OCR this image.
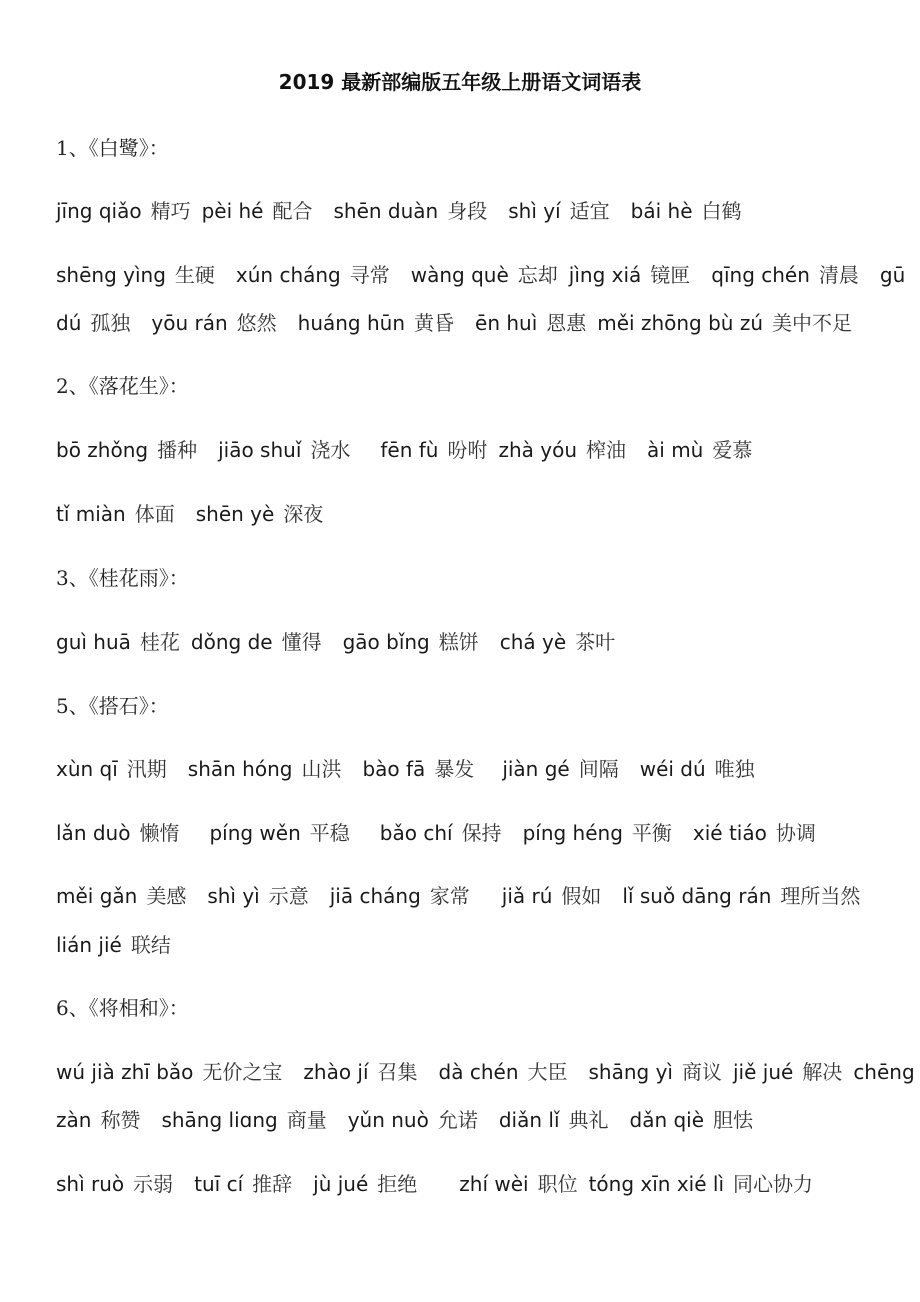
2019 最新部编版五年级上册语文词语表
1、《白鹭》：
jīng qiǎo 精巧 pèi hé 配合 shēn duàn 身段 shì yí 适宜 bái hè 白鹤
shēng yìng 生硬 xún cháng 寻常 wàng què 忘却 jìng xiá 镜匣 qīng chén 清晨 gū
dú 孤独 yōu rán 悠然 huáng hūn 黄昏 ēn huì 恩惠 měi zhōng bù zú 美中不足
2、《落花生》：
bō zhǒng 播种 jiāo shuǐ 浇水 fēn fù 吩咐 zhà yóu 榨油 ài mù 爱慕
tǐ miàn 体面 shēn yè 深夜
3、《桂花雨》：
guì huā 桂花 dǒng de 懂得 gāo bǐng 糕饼 chá yè 茶叶
5、《搭石》：
xùn qī 汛期 shān hóng 山洪 bào fā 暴发 jiàn gé 间隔 wéi dú 唯独
lǎn duò 懒惰 píng wěn 平稳 bǎo chí 保持 píng héng 平衡 xié tiáo 协调
měi gǎn 美感 shì yì 示意 jiā cháng 家常 jiǎ rú 假如 lǐ suǒ dāng rán 理所当然
lián jié 联结
6、《将相和》：
wú jià zhī bǎo 无价之宝 zhào jí 召集 dà chén 大臣 shāng yì 商议 jiě jué 解决 chēng
zàn 称赞 shāng liɑng 商量 yǔn nuò 允诺 diǎn lǐ 典礼 dǎn qiè 胆怯
shì ruò 示弱 tuī cí 推辞 jù jué 拒绝 zhí wèi 职位 tóng xīn xié lì 同心协力
